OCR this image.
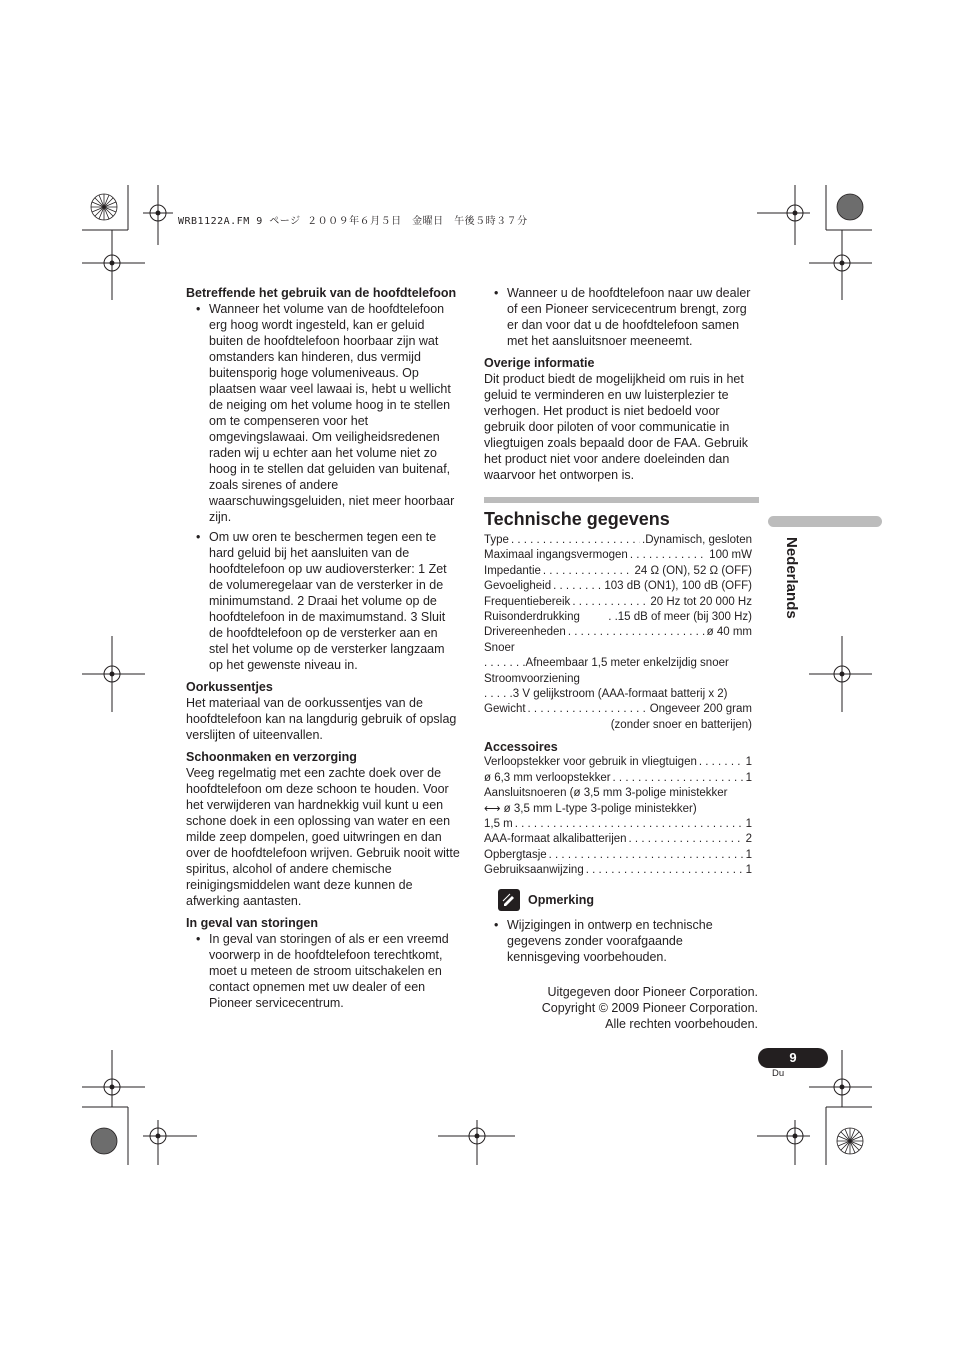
WRB1122A.FM 9 ページ ２００９年６月５日　金曜日　午後５時３７分
Betreffende het gebruik van de hoofdtelefoon
• Wanneer het volume van de hoofdtelefoon erg hoog wordt ingesteld, kan er geluid buiten de hoofdtelefoon hoorbaar zijn wat omstanders kan hinderen, dus vermijd buitensporig hoge volumeniveaus. Op plaatsen waar veel lawaai is, hebt u wellicht de neiging om het volume hoog in te stellen om te compenseren voor het omgevingslawaai. Om veiligheidsredenen raden wij u echter aan het volume niet zo hoog in te stellen dat geluiden van buitenaf, zoals sirenes of andere waarschuwingsgeluiden, niet meer hoorbaar zijn.
• Om uw oren te beschermen tegen een te hard geluid bij het aansluiten van de hoofdtelefoon op uw audioversterker: 1 Zet de volumeregelaar van de versterker in de minimumstand. 2 Draai het volume op de hoofdtelefoon in de maximumstand. 3 Sluit de hoofdtelefoon op de versterker aan en stel het volume op de versterker langzaam op het gewenste niveau in.
Oorkussentjes

Het materiaal van de oorkussentjes van de hoofdtelefoon kan na langdurig gebruik of opslag verslijten of uiteenvallen.

Schoonmaken en verzorging

Veeg regelmatig met een zachte doek over de hoofdtelefoon om deze schoon te houden. Voor het verwijderen van hardnekkig vuil kunt u een schone doek in een oplossing van water en een milde zeep dompelen, goed uitwringen en dan over de hoofdtelefoon wrijven. Gebruik nooit witte spiritus, alcohol of andere chemische reinigingsmiddelen want deze kunnen de afwerking aantasten.

In geval van storingen
• In geval van storingen of als er een vreemd voorwerp in de hoofdtelefoon terechtkomt, moet u meteen de stroom uitschakelen en contact opnemen met uw dealer of een Pioneer servicecentrum.
• Wanneer u de hoofdtelefoon naar uw dealer of een Pioneer servicecentrum brengt, zorg er dan voor dat u de hoofdtelefoon samen met het aansluitsnoer meeneemt.
Overige informatie

Dit product biedt de mogelijkheid om ruis in het geluid te verminderen en uw luisterplezier te verhogen. Het product is niet bedoeld voor gebruik door piloten of voor communicatie in vliegtuigen zoals bepaald door de FAA. Gebruik het product niet voor andere doeleinden dan waarvoor het ontworpen is.

Technische gegevens
Type . . .	.Dynamisch, gesloten
Maximaal ingangsvermogen . . .	100 mW
Impedantie . . .	24 Ω (ON), 52 Ω (OFF)
Gevoeligheid . . .	103 dB (ON1), 100 dB (OFF)
Frequentiebereik . . .	20 Hz tot 20 000 Hz
Ruisonderdrukking . .15 dB of meer (bij 300 Hz)
Drivereenheden . . .	ø 40 mm
Snoer
. . . . . . .Afneembaar 1,5 meter enkelzijdig snoer
Stroomvoorziening
. . . . .3 V gelijkstroom (AAA-formaat batterij x 2)
Gewicht . . .	Ongeveer 200 gram
(zonder snoer en batterijen)
Accessoires
Verloopstekker voor gebruik in vliegtuigen . . .	1
ø 6,3 mm verloopstekker . . .	1
Aansluitsnoeren (ø 3,5 mm 3-polige ministekker
⟷ ø 3,5 mm L-type 3-polige ministekker)
1,5 m . . .	1
AAA-formaat alkalibatterijen . . .	2
Opbergtasje . . .	1
Gebruiksaanwijzing . . .	1
Opmerking
• Wijzigingen in ontwerp en technische gegevens zonder voorafgaande kennisgeving voorbehouden.
Uitgegeven door Pioneer Corporation.
Copyright © 2009 Pioneer Corporation.
Alle rechten voorbehouden.
Nederlands
9
Du
